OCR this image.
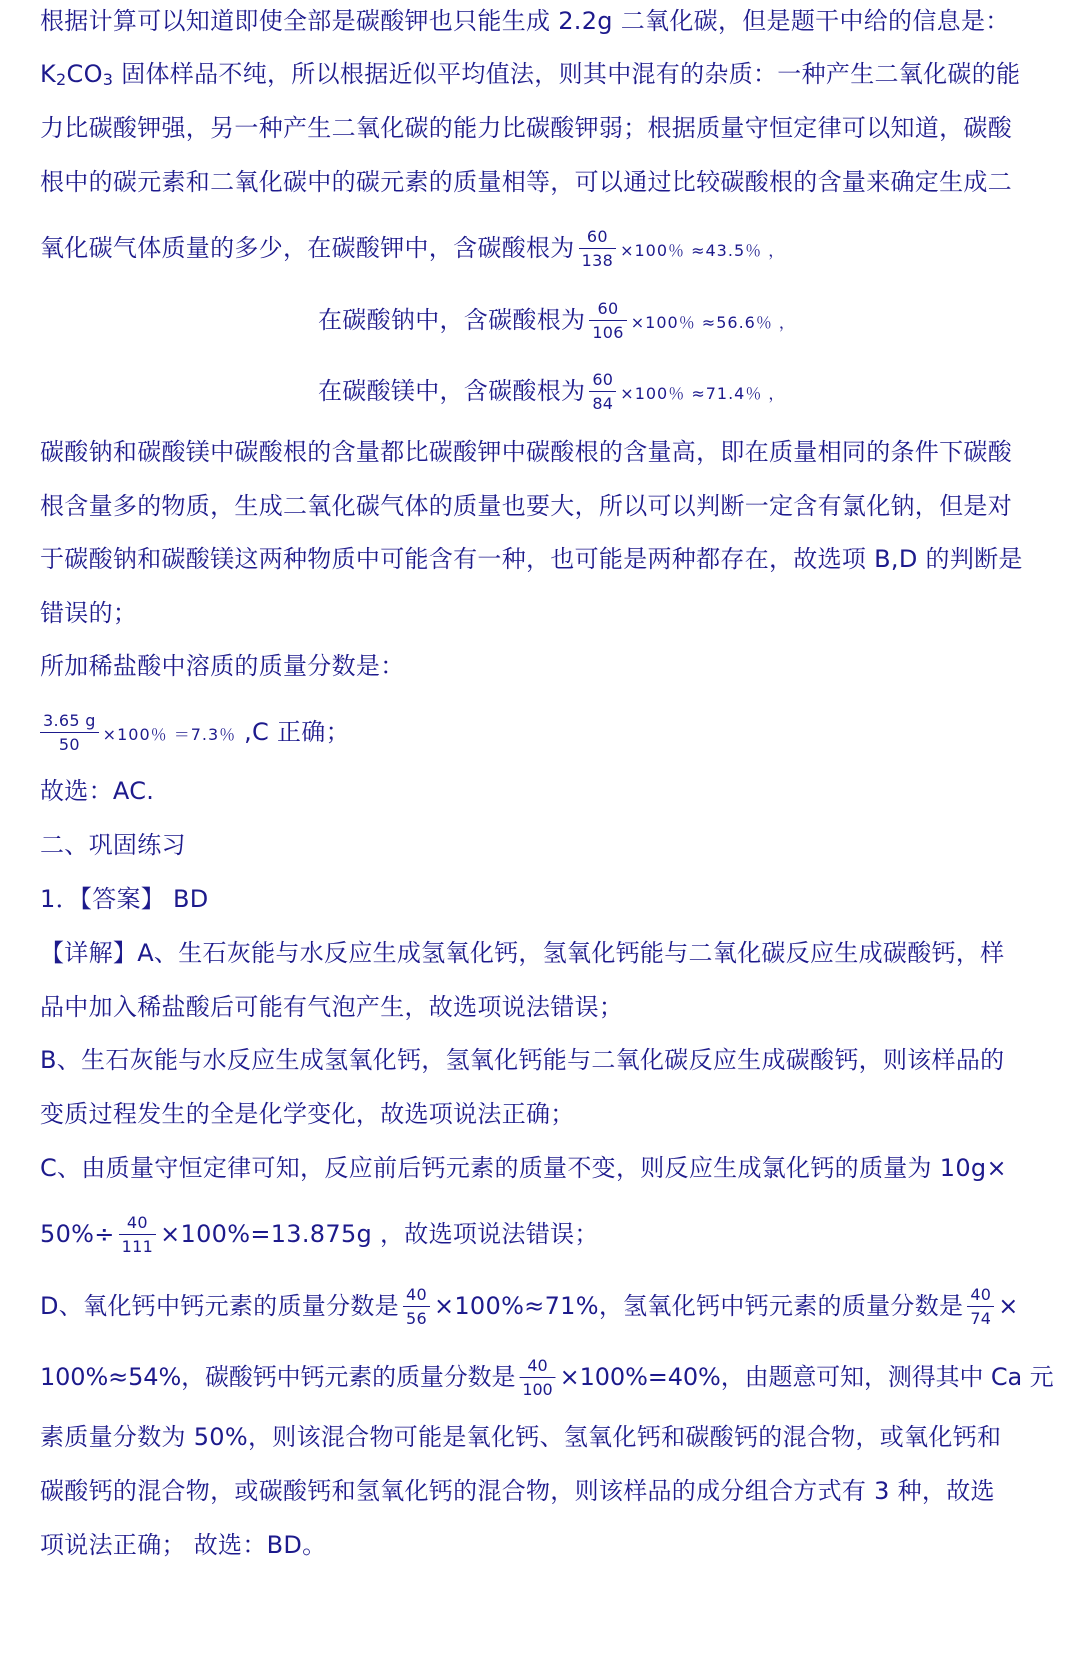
根据计算可以知道即使全部是碳酸钾也只能生成 2.2g 二氧化碳，但是题干中给的信息是：
K2CO3 固体样品不纯，所以根据近似平均值法，则其中混有的杂质：一种产生二氧化碳的能
力比碳酸钾强，另一种产生二氧化碳的能力比碳酸钾弱；根据质量守恒定律可以知道，碳酸
根中的碳元素和二氧化碳中的碳元素的质量相等，可以通过比较碳酸根的含量来确定生成二
氧化碳气体质量的多少，在碳酸钾中，含碳酸根为 $\frac{60}{138} \times 100$％ ≈43.5％ ，
在碳酸钠中，含碳酸根为 $\frac{60}{106} \times 100$％ ≈56.6％ ，
在碳酸镁中，含碳酸根为 $\frac{60}{84} \times 100$％ ≈71.4％ ，
碳酸钠和碳酸镁中碳酸根的含量都比碳酸钾中碳酸根的含量高，即在质量相同的条件下碳酸
根含量多的物质，生成二氧化碳气体的质量也要大，所以可以判断一定含有氯化钠，但是对
于碳酸钠和碳酸镁这两种物质中可能含有一种，也可能是两种都存在，故选项 B,D 的判断是
错误的；
所加稀盐酸中溶质的质量分数是：
$\frac{3.65 g}{50} \times 100$％ ＝7.3％ ,C 正确；
故选：AC.
二、巩固练习
1．【答案】 BD
【详解】A、生石灰能与水反应生成氢氧化钙，氢氧化钙能与二氧化碳反应生成碳酸钙，样
品中加入稀盐酸后可能有气泡产生，故选项说法错误；
B、生石灰能与水反应生成氢氧化钙，氢氧化钙能与二氧化碳反应生成碳酸钙，则该样品的
变质过程发生的全是化学变化，故选项说法正确；
C、由质量守恒定律可知，反应前后钙元素的质量不变，则反应生成氯化钙的质量为 10g×
$50\%\div \frac{40}{111} \times 100\%=13.875g$ ，故选项说法错误；
D、氧化钙中钙元素的质量分数是 $\frac{40}{56} \times 100\%\approx 71\%$，氢氧化钙中钙元素的质量分数是 $\frac{40}{74}$ ×
100%≈54%，碳酸钙中钙元素的质量分数是 $\frac{40}{100} \times 100\%=40\%$，由题意可知，测得其中 Ca 元
素质量分数为 50%，则该混合物可能是氧化钙、氢氧化钙和碳酸钙的混合物，或氧化钙和
碳酸钙的混合物，或碳酸钙和氢氧化钙的混合物，则该样品的成分组合方式有 3 种，故选
项说法正确； 故选：BD。
